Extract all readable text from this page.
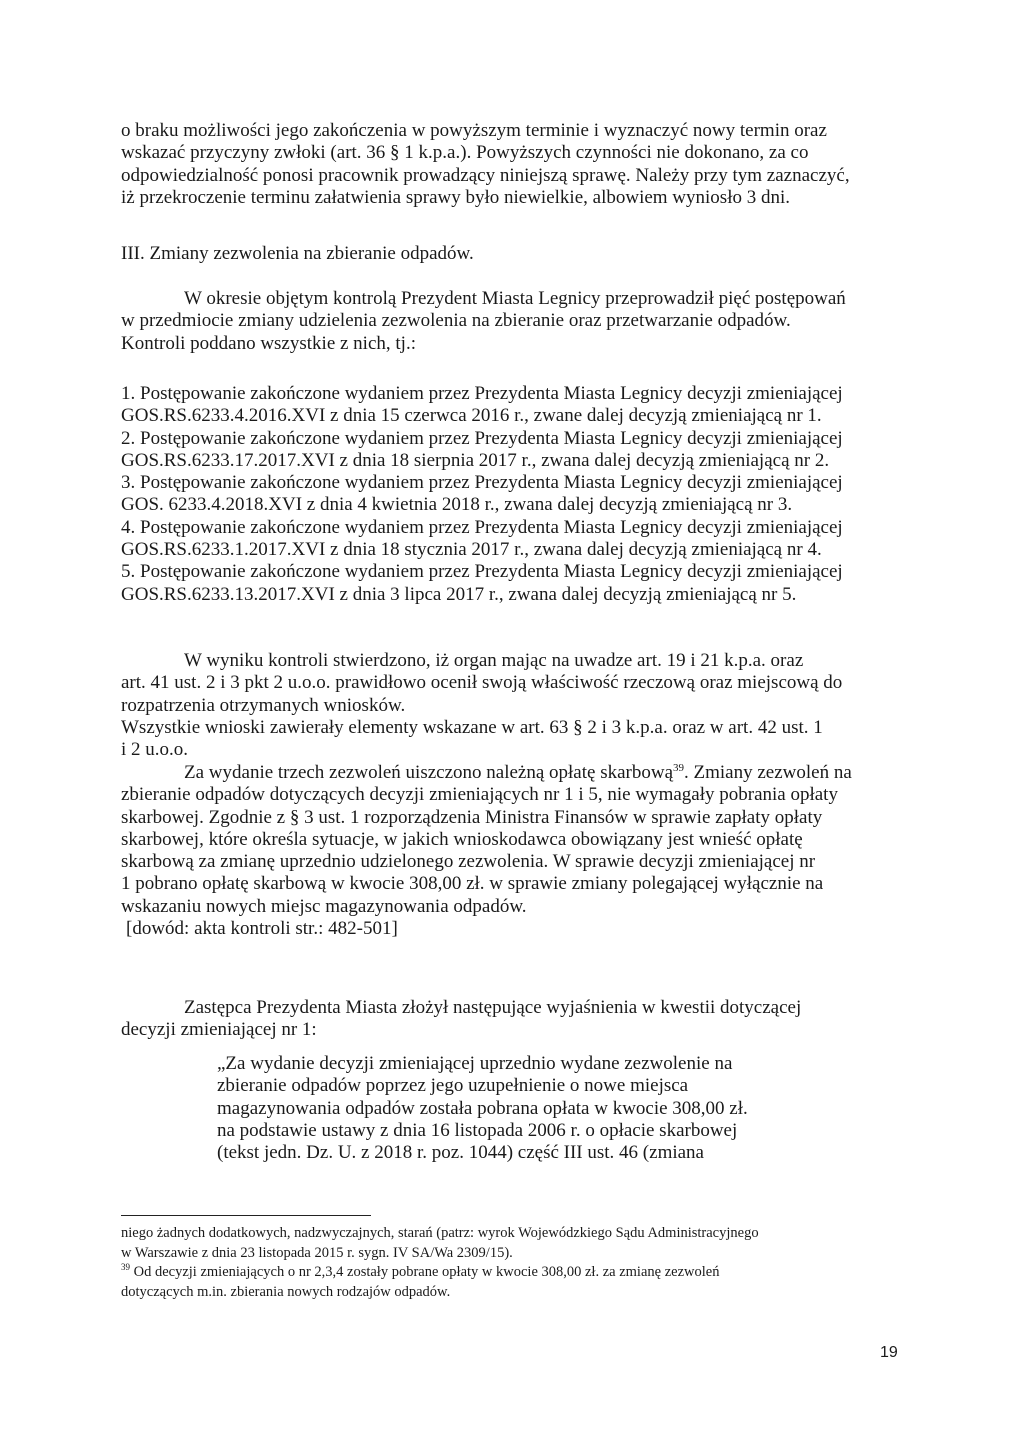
o braku możliwości jego zakończenia w powyższym terminie i wyznaczyć nowy termin oraz

wskazać przyczyny zwłoki (art. 36 § 1 k.p.a.). Powyższych czynności nie dokonano, za co

odpowiedzialność ponosi pracownik prowadzący niniejszą sprawę. Należy przy tym zaznaczyć,

iż przekroczenie terminu załatwienia sprawy było niewielkie, albowiem wyniosło 3 dni.

III. Zmiany zezwolenia na zbieranie odpadów.

W okresie objętym kontrolą Prezydent Miasta Legnicy przeprowadził pięć postępowań

w przedmiocie zmiany udzielenia zezwolenia na zbieranie oraz przetwarzanie odpadów.

Kontroli poddano wszystkie z nich, tj.:

1. Postępowanie zakończone wydaniem przez Prezydenta Miasta Legnicy decyzji zmieniającej

GOS.RS.6233.4.2016.XVI z dnia 15 czerwca 2016 r., zwane dalej decyzją zmieniającą nr 1.

2. Postępowanie zakończone wydaniem przez Prezydenta Miasta Legnicy decyzji zmieniającej

GOS.RS.6233.17.2017.XVI z dnia 18 sierpnia 2017 r., zwana dalej decyzją zmieniającą nr 2.

3. Postępowanie zakończone wydaniem przez Prezydenta Miasta Legnicy decyzji zmieniającej

GOS. 6233.4.2018.XVI z dnia 4 kwietnia 2018 r., zwana dalej decyzją zmieniającą nr 3.

4. Postępowanie zakończone wydaniem przez Prezydenta Miasta Legnicy decyzji zmieniającej

GOS.RS.6233.1.2017.XVI z dnia 18 stycznia 2017 r., zwana dalej decyzją zmieniającą nr 4.

5. Postępowanie zakończone wydaniem przez Prezydenta Miasta Legnicy decyzji zmieniającej

GOS.RS.6233.13.2017.XVI z dnia 3 lipca 2017 r., zwana dalej decyzją zmieniającą nr 5.

W wyniku kontroli stwierdzono, iż organ mając na uwadze art. 19 i 21 k.p.a. oraz

art. 41 ust. 2 i 3 pkt 2 u.o.o. prawidłowo ocenił swoją właściwość rzeczową oraz miejscową do

rozpatrzenia otrzymanych wniosków.

Wszystkie wnioski zawierały elementy wskazane w art. 63 § 2 i 3 k.p.a. oraz w art. 42 ust. 1

i 2 u.o.o.

Za wydanie trzech zezwoleń uiszczono należną opłatę skarbową$^{39}$. Zmiany zezwoleń na

zbieranie odpadów dotyczących decyzji zmieniających nr 1 i 5, nie wymagały pobrania opłaty

skarbowej. Zgodnie z § 3 ust. 1 rozporządzenia Ministra Finansów w sprawie zapłaty opłaty

skarbowej, które określa sytuacje, w jakich wnioskodawca obowiązany jest wnieść opłatę

skarbową za zmianę uprzednio udzielonego zezwolenia. W sprawie decyzji zmieniającej nr

1 pobrano opłatę skarbową w kwocie 308,00 zł. w sprawie zmiany polegającej wyłącznie na

wskazaniu nowych miejsc magazynowania odpadów.

[dowód: akta kontroli str.: 482-501]

Zastępca Prezydenta Miasta złożył następujące wyjaśnienia w kwestii dotyczącej

decyzji zmieniającej nr 1:

„Za wydanie decyzji zmieniającej uprzednio wydane zezwolenie na

zbieranie odpadów poprzez jego uzupełnienie o nowe miejsca

magazynowania odpadów została pobrana opłata w kwocie 308,00 zł.

na podstawie ustawy z dnia 16 listopada 2006 r. o opłacie skarbowej

(tekst jedn. Dz. U. z 2018 r. poz. 1044) część III ust. 46 (zmiana

niego żadnych dodatkowych, nadzwyczajnych, starań (patrz: wyrok Wojewódzkiego Sądu Administracyjnego

w Warszawie z dnia 23 listopada 2015 r. sygn. IV SA/Wa 2309/15).

$^{39}$ Od decyzji zmieniających o nr 2,3,4 zostały pobrane opłaty w kwocie 308,00 zł. za zmianę zezwoleń

dotyczących m.in. zbierania nowych rodzajów odpadów.

19
